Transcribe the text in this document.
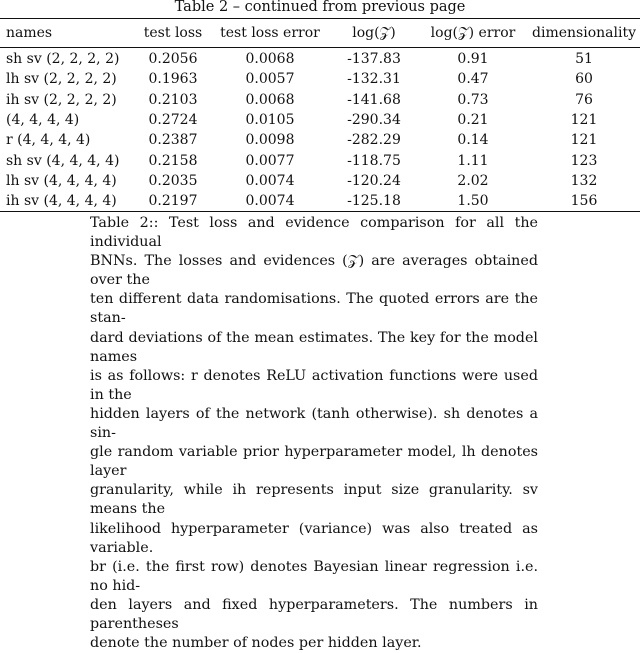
Table 2 – continued from previous page
names	test loss	test loss error	log(𝒵)	log(𝒵) error	dimensionality
sh sv (2, 2, 2, 2)	0.2056	0.0068	-137.83	0.91	51
lh sv (2, 2, 2, 2)	0.1963	0.0057	-132.31	0.47	60
ih sv (2, 2, 2, 2)	0.2103	0.0068	-141.68	0.73	76
(4, 4, 4, 4)	0.2724	0.0105	-290.34	0.21	121
r (4, 4, 4, 4)	0.2387	0.0098	-282.29	0.14	121
sh sv (4, 4, 4, 4)	0.2158	0.0077	-118.75	1.11	123
lh sv (4, 4, 4, 4)	0.2035	0.0074	-120.24	2.02	132
ih sv (4, 4, 4, 4)	0.2197	0.0074	-125.18	1.50	156
Table 2:: Test loss and evidence comparison for all the individual
BNNs. The losses and evidences (𝒵) are averages obtained over the
ten different data randomisations. The quoted errors are the stan-
dard deviations of the mean estimates. The key for the model names
is as follows: r denotes ReLU activation functions were used in the
hidden layers of the network (tanh otherwise). sh denotes a sin-
gle random variable prior hyperparameter model, lh denotes layer
granularity, while ih represents input size granularity. sv means the
likelihood hyperparameter (variance) was also treated as variable.
br (i.e. the first row) denotes Bayesian linear regression i.e. no hid-
den layers and fixed hyperparameters. The numbers in parentheses
denote the number of nodes per hidden layer.
